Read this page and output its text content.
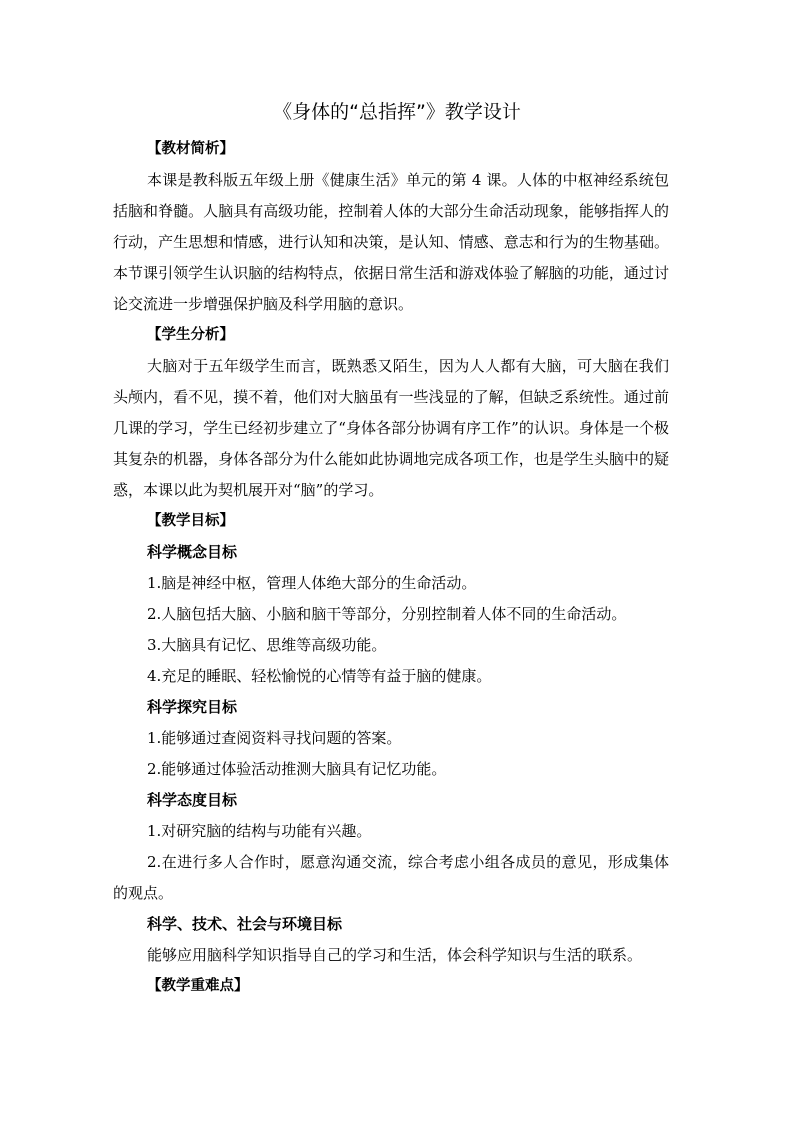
《身体的“总指挥”》教学设计

【教材简析】

本课是教科版五年级上册《健康生活》单元的第 4 课。人体的中枢神经系统包括脑和脊髓。人脑具有高级功能，控制着人体的大部分生命活动现象，能够指挥人的行动，产生思想和情感，进行认知和决策，是认知、情感、意志和行为的生物基础。本节课引领学生认识脑的结构特点，依据日常生活和游戏体验了解脑的功能，通过讨论交流进一步增强保护脑及科学用脑的意识。

【学生分析】

大脑对于五年级学生而言，既熟悉又陌生，因为人人都有大脑，可大脑在我们头颅内，看不见，摸不着，他们对大脑虽有一些浅显的了解，但缺乏系统性。通过前几课的学习，学生已经初步建立了“身体各部分协调有序工作”的认识。身体是一个极其复杂的机器，身体各部分为什么能如此协调地完成各项工作，也是学生头脑中的疑惑，本课以此为契机展开对“脑”的学习。

【教学目标】

科学概念目标

1.脑是神经中枢，管理人体绝大部分的生命活动。

2.人脑包括大脑、小脑和脑干等部分，分别控制着人体不同的生命活动。

3.大脑具有记忆、思维等高级功能。

4.充足的睡眠、轻松愉悦的心情等有益于脑的健康。

科学探究目标

1.能够通过查阅资料寻找问题的答案。

2.能够通过体验活动推测大脑具有记忆功能。

科学态度目标

1.对研究脑的结构与功能有兴趣。

2.在进行多人合作时，愿意沟通交流，综合考虑小组各成员的意见，形成集体的观点。

科学、技术、社会与环境目标

能够应用脑科学知识指导自己的学习和生活，体会科学知识与生活的联系。

【教学重难点】
